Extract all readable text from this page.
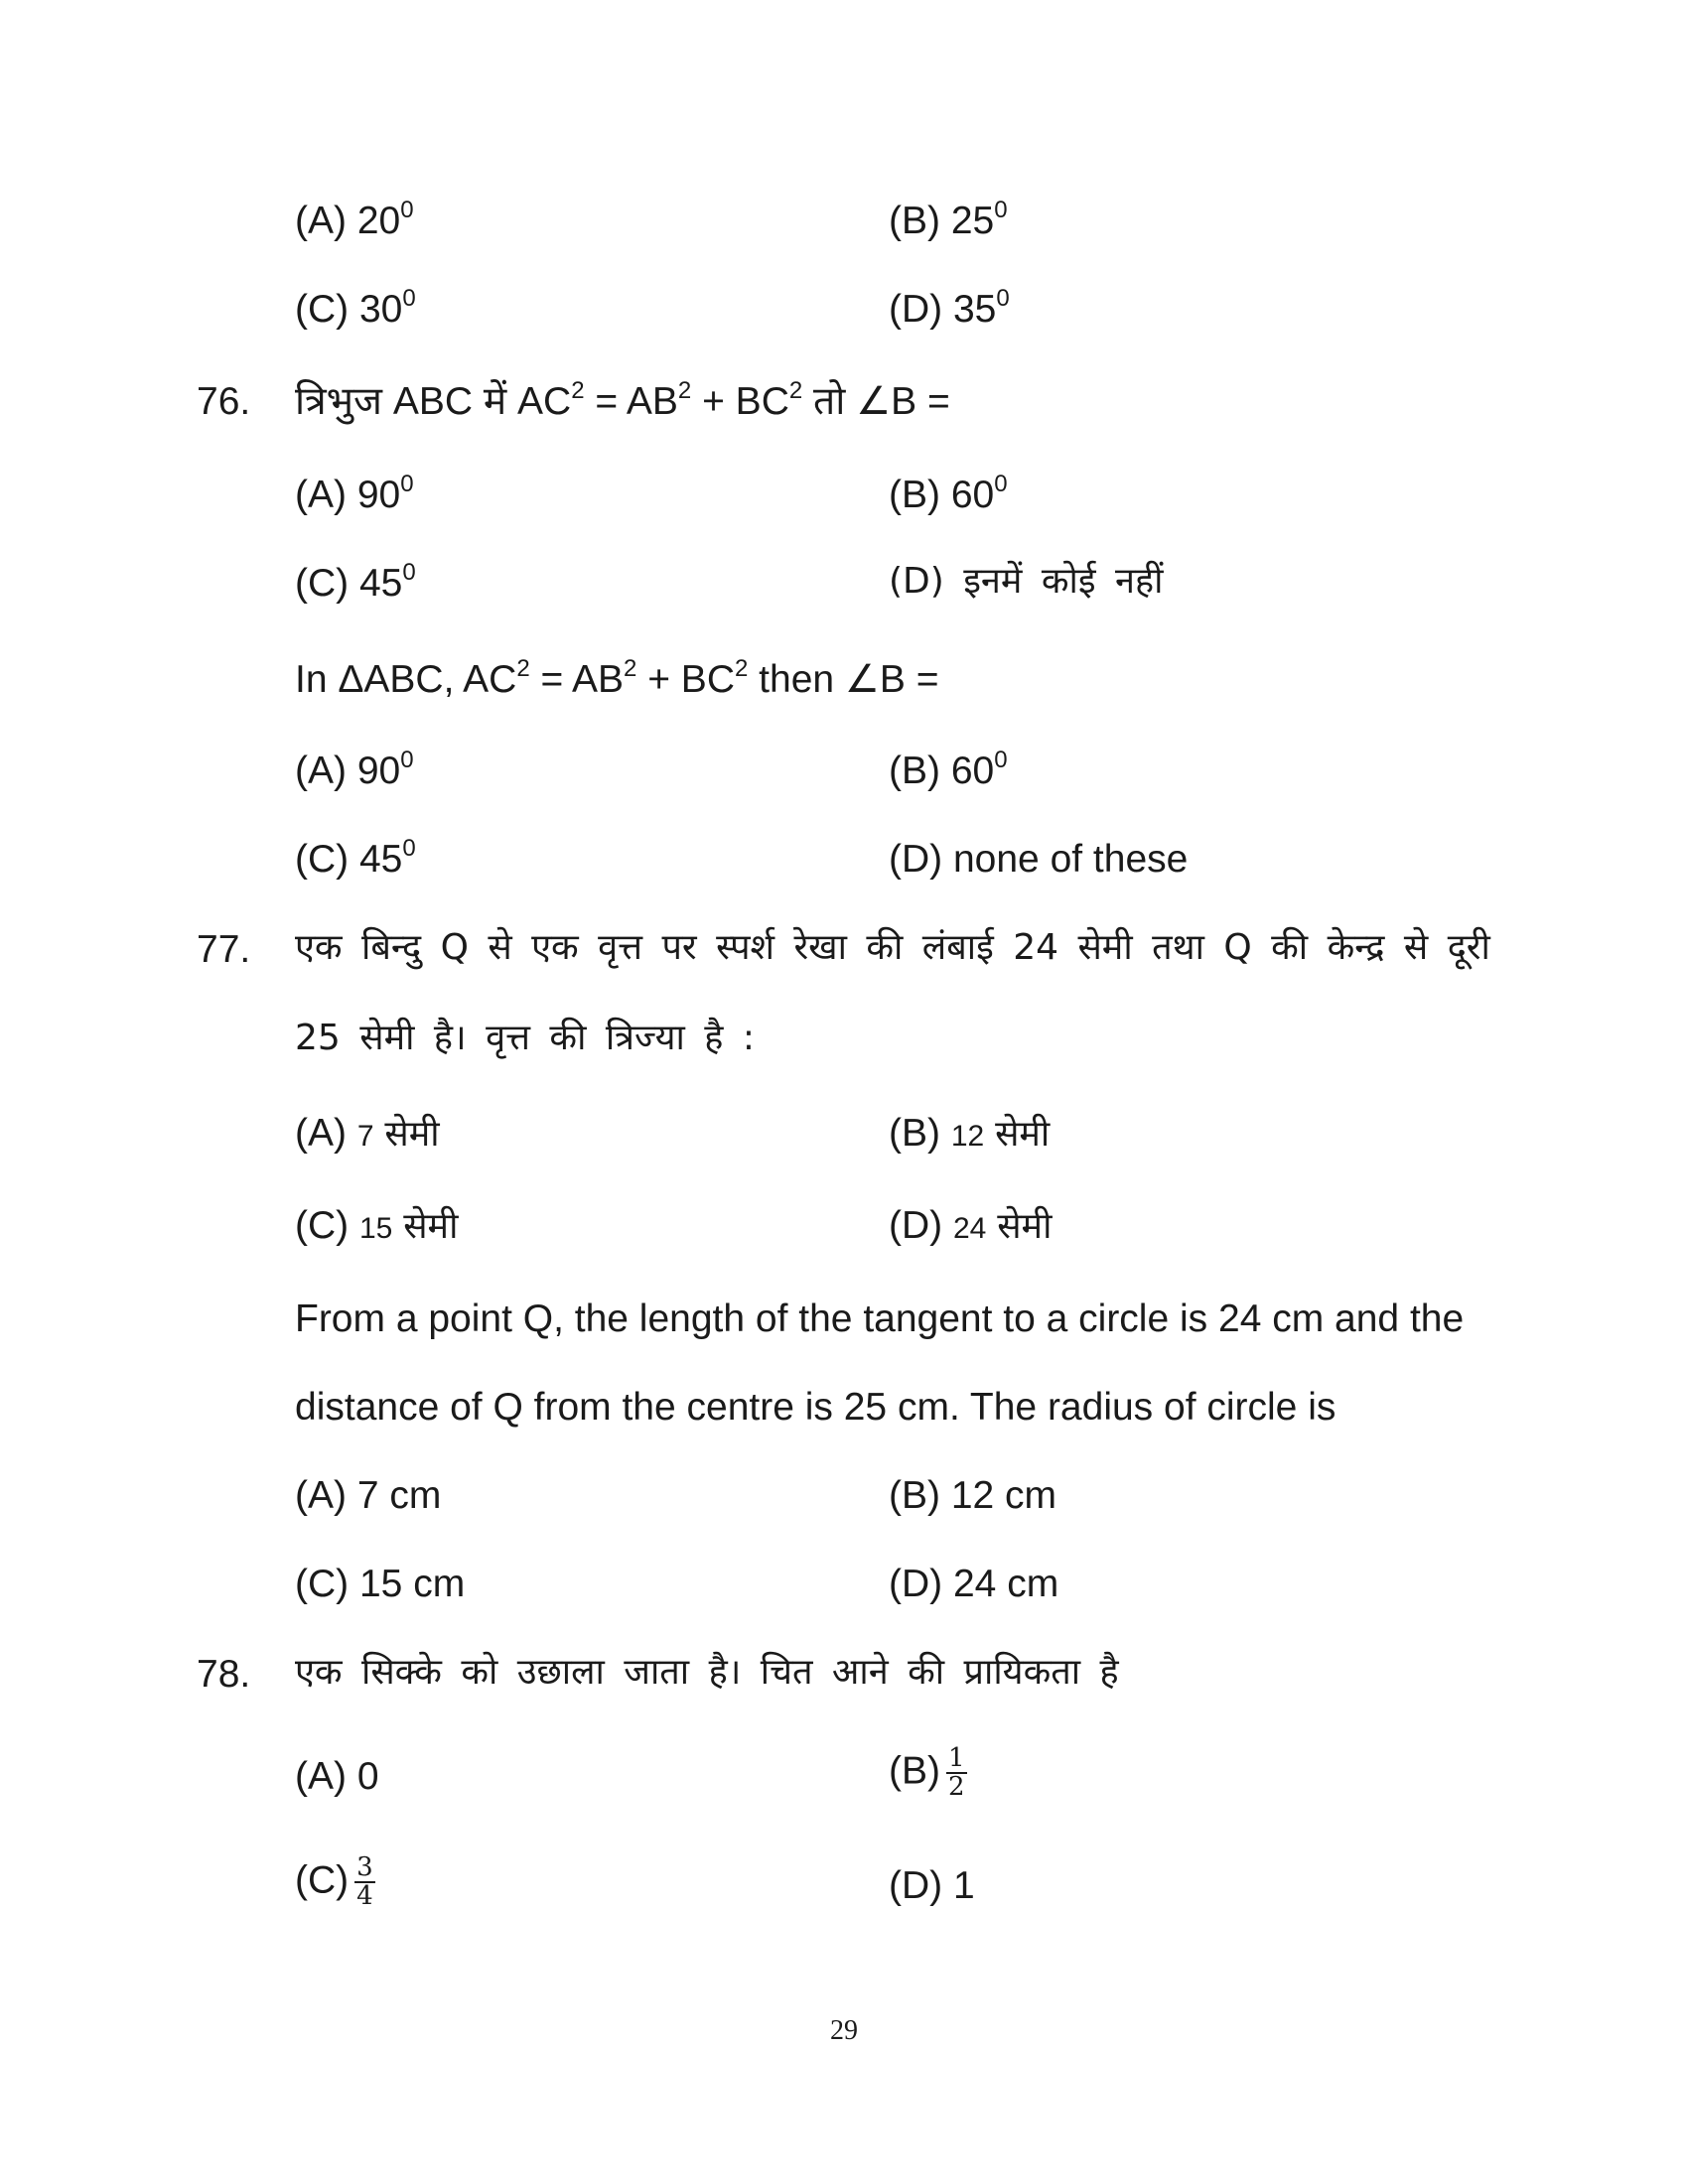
(A) $20^0$	(B) $25^0$
(C) $30^0$	(D) $35^0$
76. त्रिभुज ABC में $AC^2 = AB^2 + BC^2$ तो ∠B =
(A) $90^0$	(B) $60^0$
(C) $45^0$	(D) इनमें कोई नहीं
In ΔABC, $AC^2 = AB^2 + BC^2$ then ∠B =
(A) $90^0$	(B) $60^0$
(C) $45^0$	(D) none of these
77. एक बिन्दु Q से एक वृत्त पर स्पर्श रेखा की लंबाई 24 सेमी तथा Q की केन्द्र से दूरी
25 सेमी है। वृत्त की त्रिज्या है :
(A) 7 सेमी	(B) 12 सेमी
(C) 15 सेमी	(D) 24 सेमी
From a point Q, the length of the tangent to a circle is 24 cm and the
distance of Q from the centre is 25 cm. The radius of circle is
(A) 7 cm	(B) 12 cm
(C) 15 cm	(D) 24 cm
78. एक सिक्के को उछाला जाता है। चित आने की प्रायिकता है
(A) 0	$(B) \frac{1}{2}$
$(C) \frac{3}{4}$	(D) 1
29
